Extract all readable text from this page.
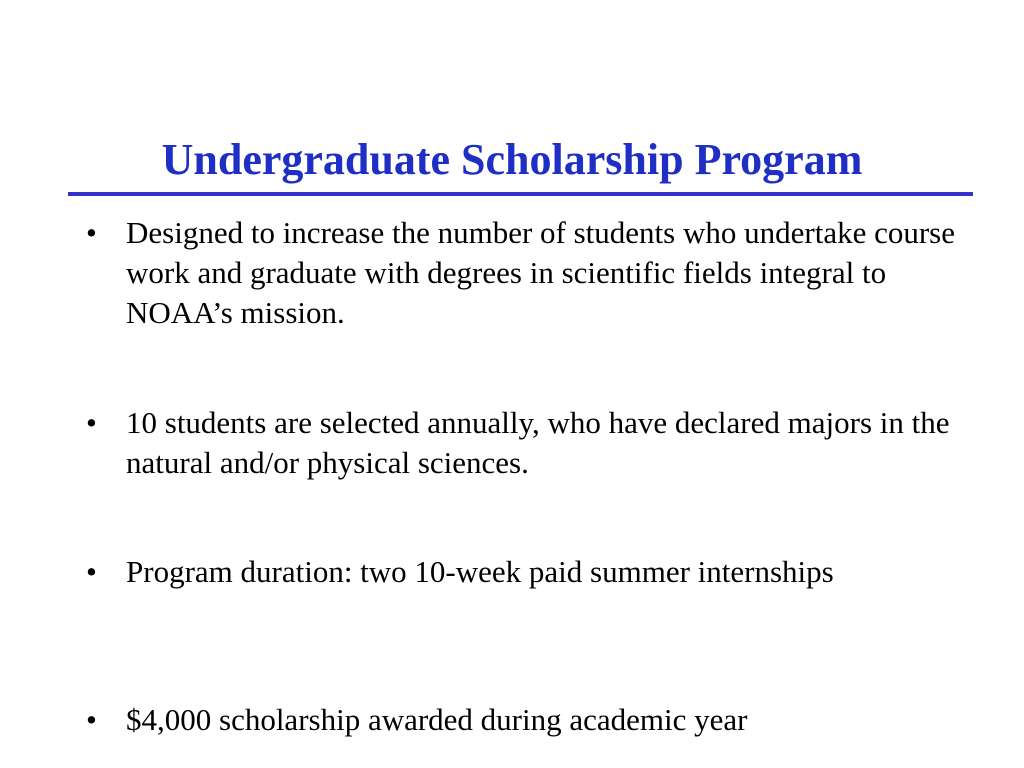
Undergraduate Scholarship Program
• Designed to increase the number of students who undertake course work and graduate with degrees in scientific fields integral to NOAA’s mission.
• 10 students are selected annually, who have declared majors in the natural and/or physical sciences.
• Program duration: two 10-week paid summer internships
• $4,000 scholarship awarded during academic year
